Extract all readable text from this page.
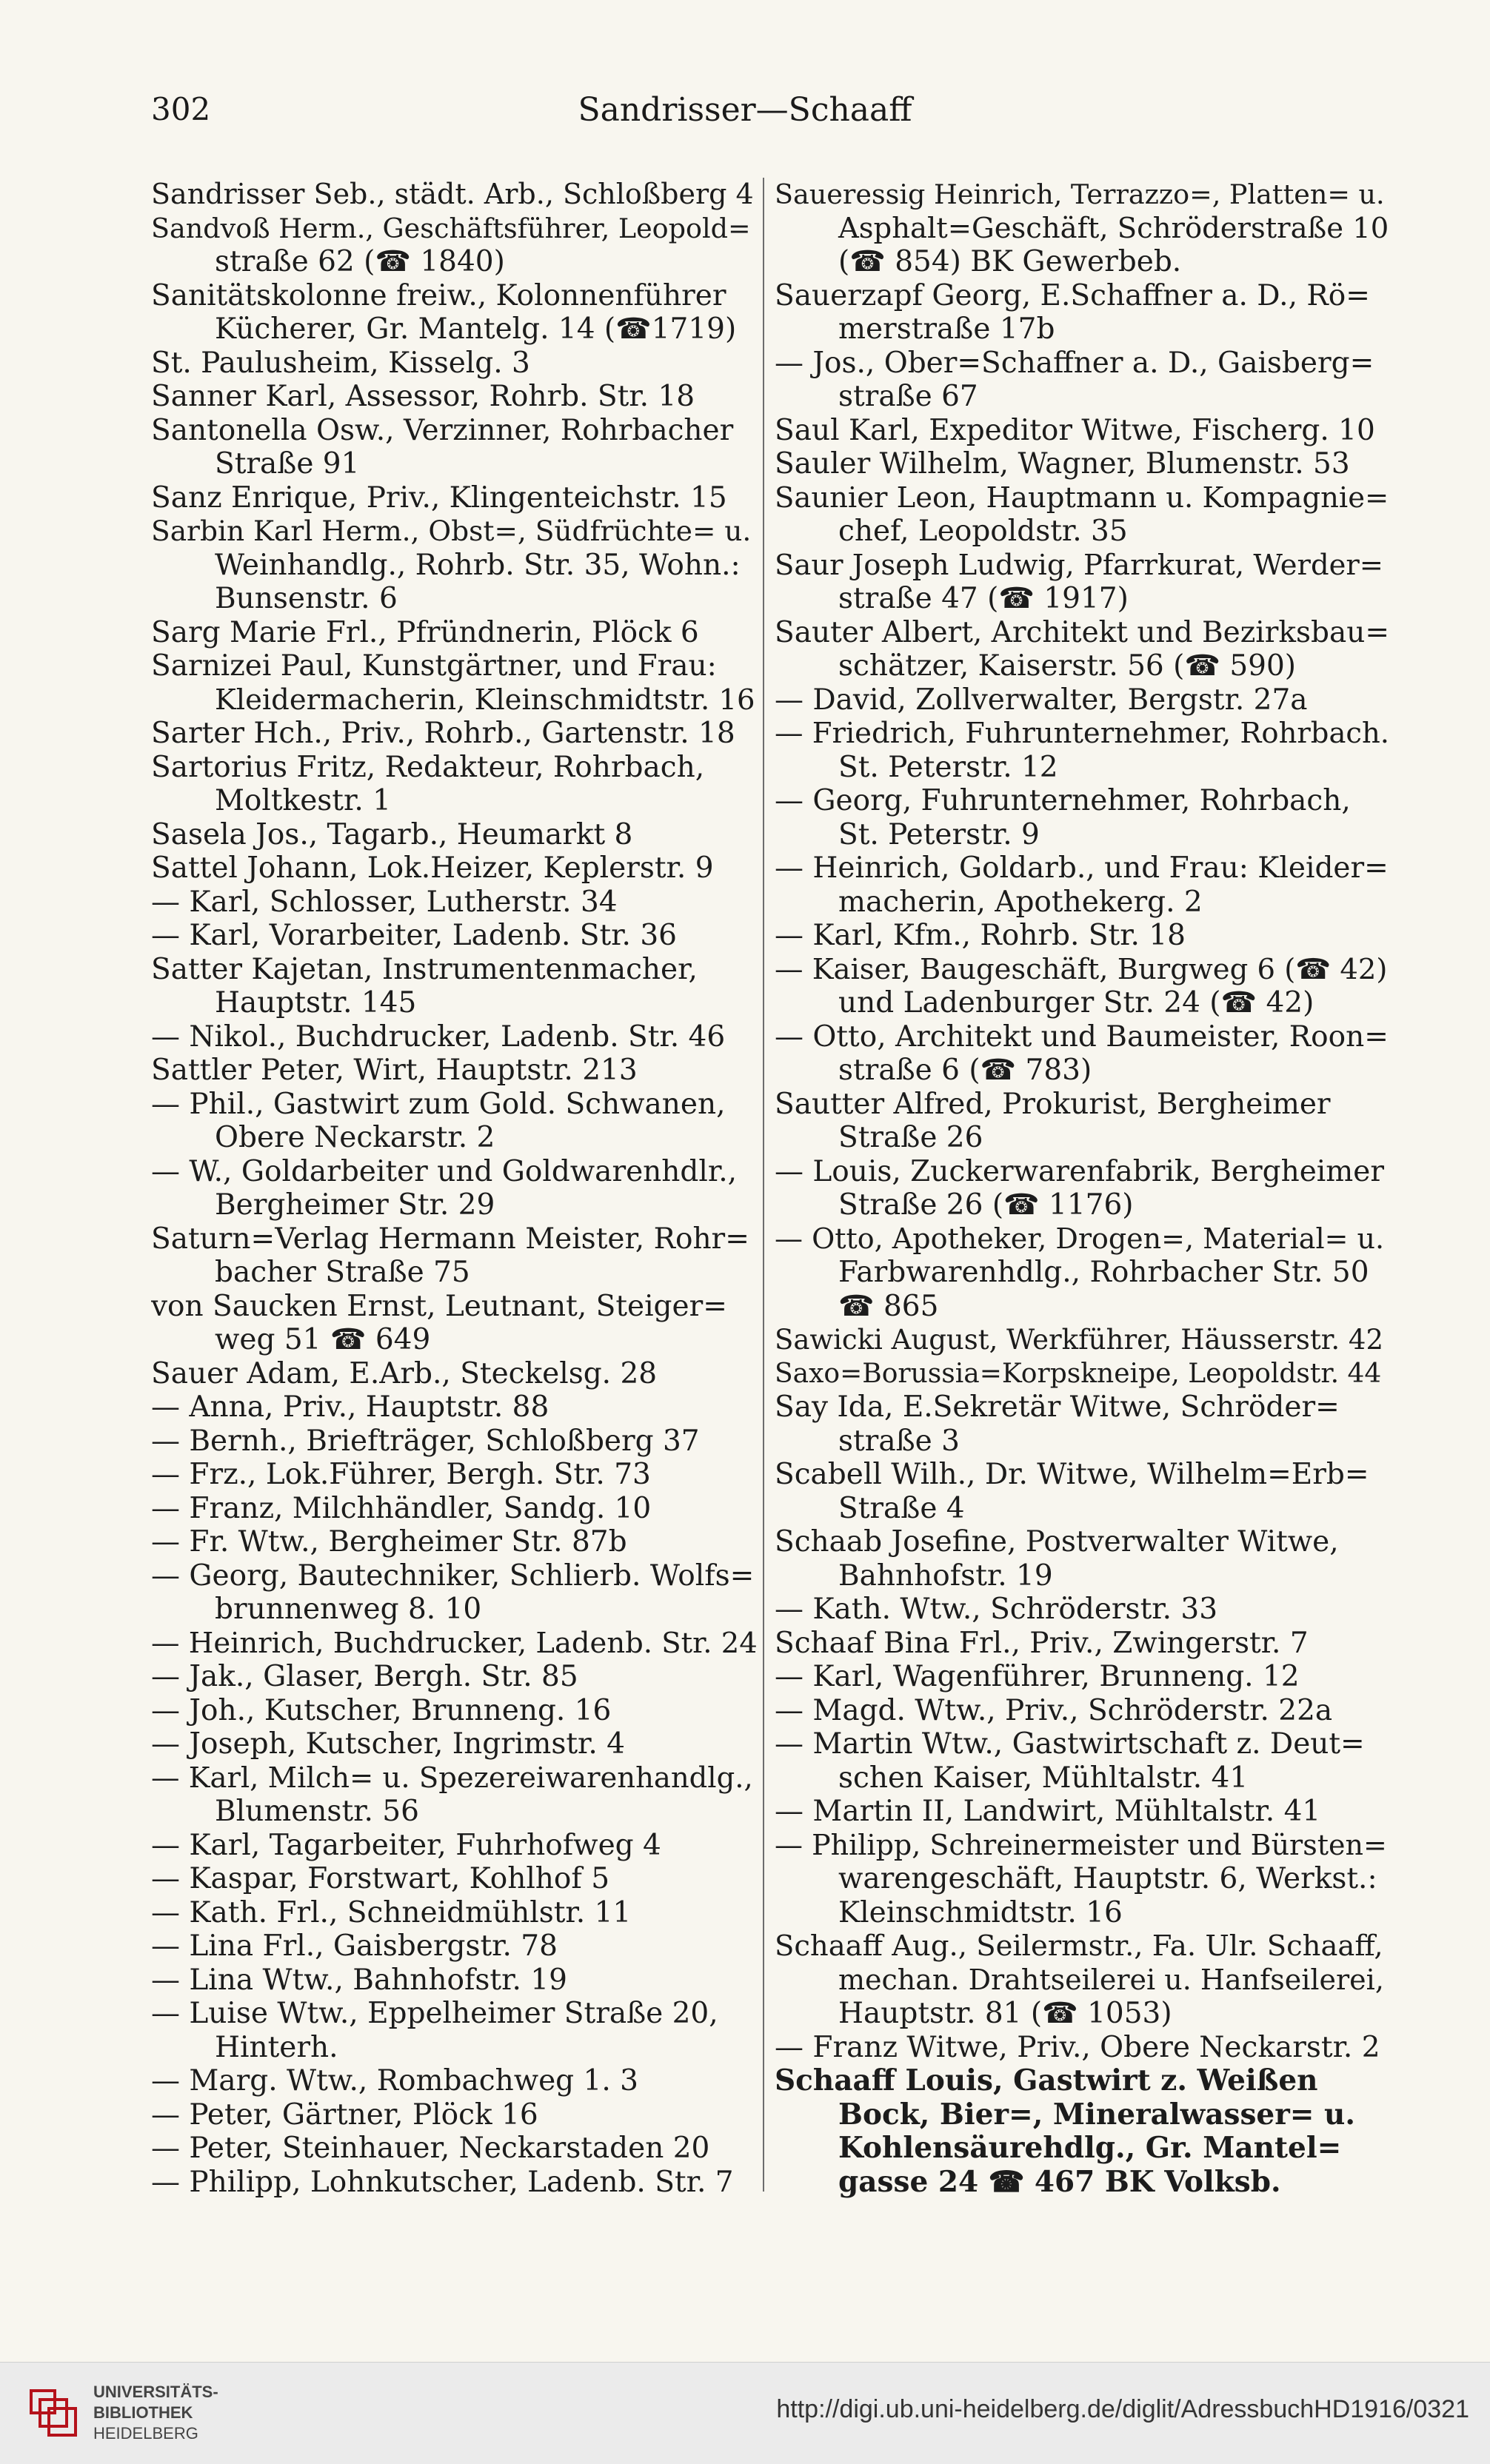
302	Sandrisser—Schaaff
Sandrisser Seb., städt. Arb., Schloßberg 4
Sandvoß Herm., Geschäftsführer, Leopold=
straße 62 (☎ 1840)
Sanitätskolonne freiw., Kolonnenführer
Kücherer, Gr. Mantelg. 14 (☎1719)
St. Paulusheim, Kisselg. 3
Sanner Karl, Assessor, Rohrb. Str. 18
Santonella Osw., Verzinner, Rohrbacher
Straße 91
Sanz Enrique, Priv., Klingenteichstr. 15
Sarbin Karl Herm., Obst=, Südfrüchte= u.
Weinhandlg., Rohrb. Str. 35, Wohn.:
Bunsenstr. 6
Sarg Marie Frl., Pfründnerin, Plöck 6
Sarnizei Paul, Kunstgärtner, und Frau:
Kleidermacherin, Kleinschmidtstr. 16
Sarter Hch., Priv., Rohrb., Gartenstr. 18
Sartorius Fritz, Redakteur, Rohrbach,
Moltkestr. 1
Sasela Jos., Tagarb., Heumarkt 8
Sattel Johann, Lok.Heizer, Keplerstr. 9
— Karl, Schlosser, Lutherstr. 34
— Karl, Vorarbeiter, Ladenb. Str. 36
Satter Kajetan, Instrumentenmacher,
Hauptstr. 145
— Nikol., Buchdrucker, Ladenb. Str. 46
Sattler Peter, Wirt, Hauptstr. 213
— Phil., Gastwirt zum Gold. Schwanen,
Obere Neckarstr. 2
— W., Goldarbeiter und Goldwarenhdlr.,
Bergheimer Str. 29
Saturn=Verlag Hermann Meister, Rohr=
bacher Straße 75
von Saucken Ernst, Leutnant, Steiger=
weg 51 ☎ 649
Sauer Adam, E.Arb., Steckelsg. 28
— Anna, Priv., Hauptstr. 88
— Bernh., Briefträger, Schloßberg 37
— Frz., Lok.Führer, Bergh. Str. 73
— Franz, Milchhändler, Sandg. 10
— Fr. Wtw., Bergheimer Str. 87b
— Georg, Bautechniker, Schlierb. Wolfs=
brunnenweg 8. 10
— Heinrich, Buchdrucker, Ladenb. Str. 24
— Jak., Glaser, Bergh. Str. 85
— Joh., Kutscher, Brunneng. 16
— Joseph, Kutscher, Ingrimstr. 4
— Karl, Milch= u. Spezereiwarenhandlg.,
Blumenstr. 56
— Karl, Tagarbeiter, Fuhrhofweg 4
— Kaspar, Forstwart, Kohlhof 5
— Kath. Frl., Schneidmühlstr. 11
— Lina Frl., Gaisbergstr. 78
— Lina Wtw., Bahnhofstr. 19
— Luise Wtw., Eppelheimer Straße 20,
Hinterh.
— Marg. Wtw., Rombachweg 1. 3
— Peter, Gärtner, Plöck 16
— Peter, Steinhauer, Neckarstaden 20
— Philipp, Lohnkutscher, Ladenb. Str. 7
Saueressig Heinrich, Terrazzo=, Platten= u.
Asphalt=Geschäft, Schröderstraße 10
(☎ 854) BK Gewerbeb.
Sauerzapf Georg, E.Schaffner a. D., Rö=
merstraße 17b
— Jos., Ober=Schaffner a. D., Gaisberg=
straße 67
Saul Karl, Expeditor Witwe, Fischerg. 10
Sauler Wilhelm, Wagner, Blumenstr. 53
Saunier Leon, Hauptmann u. Kompagnie=
chef, Leopoldstr. 35
Saur Joseph Ludwig, Pfarrkurat, Werder=
straße 47 (☎ 1917)
Sauter Albert, Architekt und Bezirksbau=
schätzer, Kaiserstr. 56 (☎ 590)
— David, Zollverwalter, Bergstr. 27a
— Friedrich, Fuhrunternehmer, Rohrbach.
St. Peterstr. 12
— Georg, Fuhrunternehmer, Rohrbach,
St. Peterstr. 9
— Heinrich, Goldarb., und Frau: Kleider=
macherin, Apothekerg. 2
— Karl, Kfm., Rohrb. Str. 18
— Kaiser, Baugeschäft, Burgweg 6 (☎ 42)
und Ladenburger Str. 24 (☎ 42)
— Otto, Architekt und Baumeister, Roon=
straße 6 (☎ 783)
Sautter Alfred, Prokurist, Bergheimer
Straße 26
— Louis, Zuckerwarenfabrik, Bergheimer
Straße 26 (☎ 1176)
— Otto, Apotheker, Drogen=, Material= u.
Farbwarenhdlg., Rohrbacher Str. 50
☎ 865
Sawicki August, Werkführer, Häusserstr. 42
Saxo=Borussia=Korpskneipe, Leopoldstr. 44
Say Ida, E.Sekretär Witwe, Schröder=
straße 3
Scabell Wilh., Dr. Witwe, Wilhelm=Erb=
Straße 4
Schaab Josefine, Postverwalter Witwe,
Bahnhofstr. 19
— Kath. Wtw., Schröderstr. 33
Schaaf Bina Frl., Priv., Zwingerstr. 7
— Karl, Wagenführer, Brunneng. 12
— Magd. Wtw., Priv., Schröderstr. 22a
— Martin Wtw., Gastwirtschaft z. Deut=
schen Kaiser, Mühltalstr. 41
— Martin II, Landwirt, Mühltalstr. 41
— Philipp, Schreinermeister und Bürsten=
warengeschäft, Hauptstr. 6, Werkst.:
Kleinschmidtstr. 16
Schaaff Aug., Seilermstr., Fa. Ulr. Schaaff,
mechan. Drahtseilerei u. Hanfseilerei,
Hauptstr. 81 (☎ 1053)
— Franz Witwe, Priv., Obere Neckarstr. 2
Schaaff Louis, Gastwirt z. Weißen
Bock, Bier=, Mineralwasser= u.
Kohlensäurehdlg., Gr. Mantel=
gasse 24 ☎ 467 BK Volksb.
UNIVERSITÄTS-
BIBLIOTHEK
HEIDELBERG
http://digi.ub.uni-heidelberg.de/diglit/AdressbuchHD1916/0321
